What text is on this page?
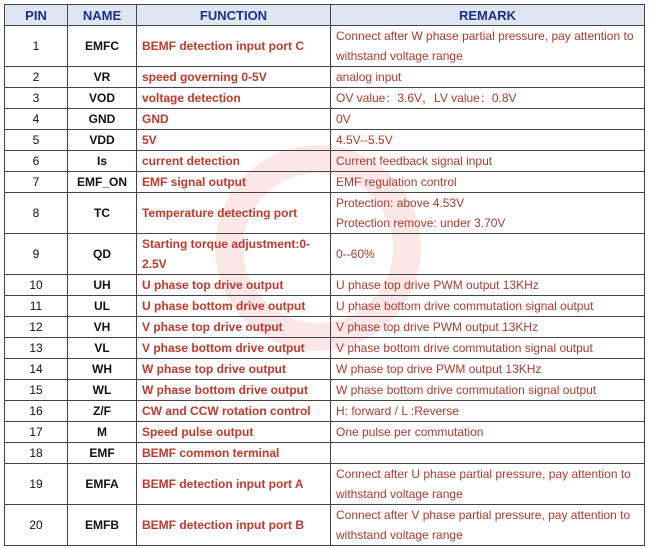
PIN	NAME	FUNCTION	REMARK
1	EMFC	BEMF detection input port C	Connect after W phase partial pressure, pay attention to withstand voltage range
2	VR	speed governing 0-5V	analog input
3	VOD	voltage detection	OV value：3.6V，LV value：0.8V
4	GND	GND	0V
5	VDD	5V	4.5V--5.5V
6	Is	current detection	Current feedback signal input
7	EMF_ON	EMF signal output	EMF regulation control
8	TC	Temperature detecting port	Protection: above 4.53V
Protection remove: under 3.70V
9	QD	Starting torque adjustment:0-2.5V	0--60%
10	UH	U phase top drive output	U phase top drive PWM output 13KHz
11	UL	U phase bottom drive output	U phase bottom drive commutation signal output
12	VH	V phase top drive output	V phase top drive PWM output 13KHz
13	VL	V phase bottom drive output	V phase bottom drive commutation signal output
14	WH	W phase top drive output	W phase top drive PWM output 13KHz
15	WL	W phase bottom drive output	W phase bottom drive commutation signal output
16	Z/F	CW and CCW rotation control	H: forward / L :Reverse
17	M	Speed pulse output	One pulse per commutation
18	EMF	BEMF common terminal	
19	EMFA	BEMF detection input port A	Connect after U phase partial pressure, pay attention to withstand voltage range
20	EMFB	BEMF detection input port B	Connect after V phase partial pressure, pay attention to withstand voltage range
